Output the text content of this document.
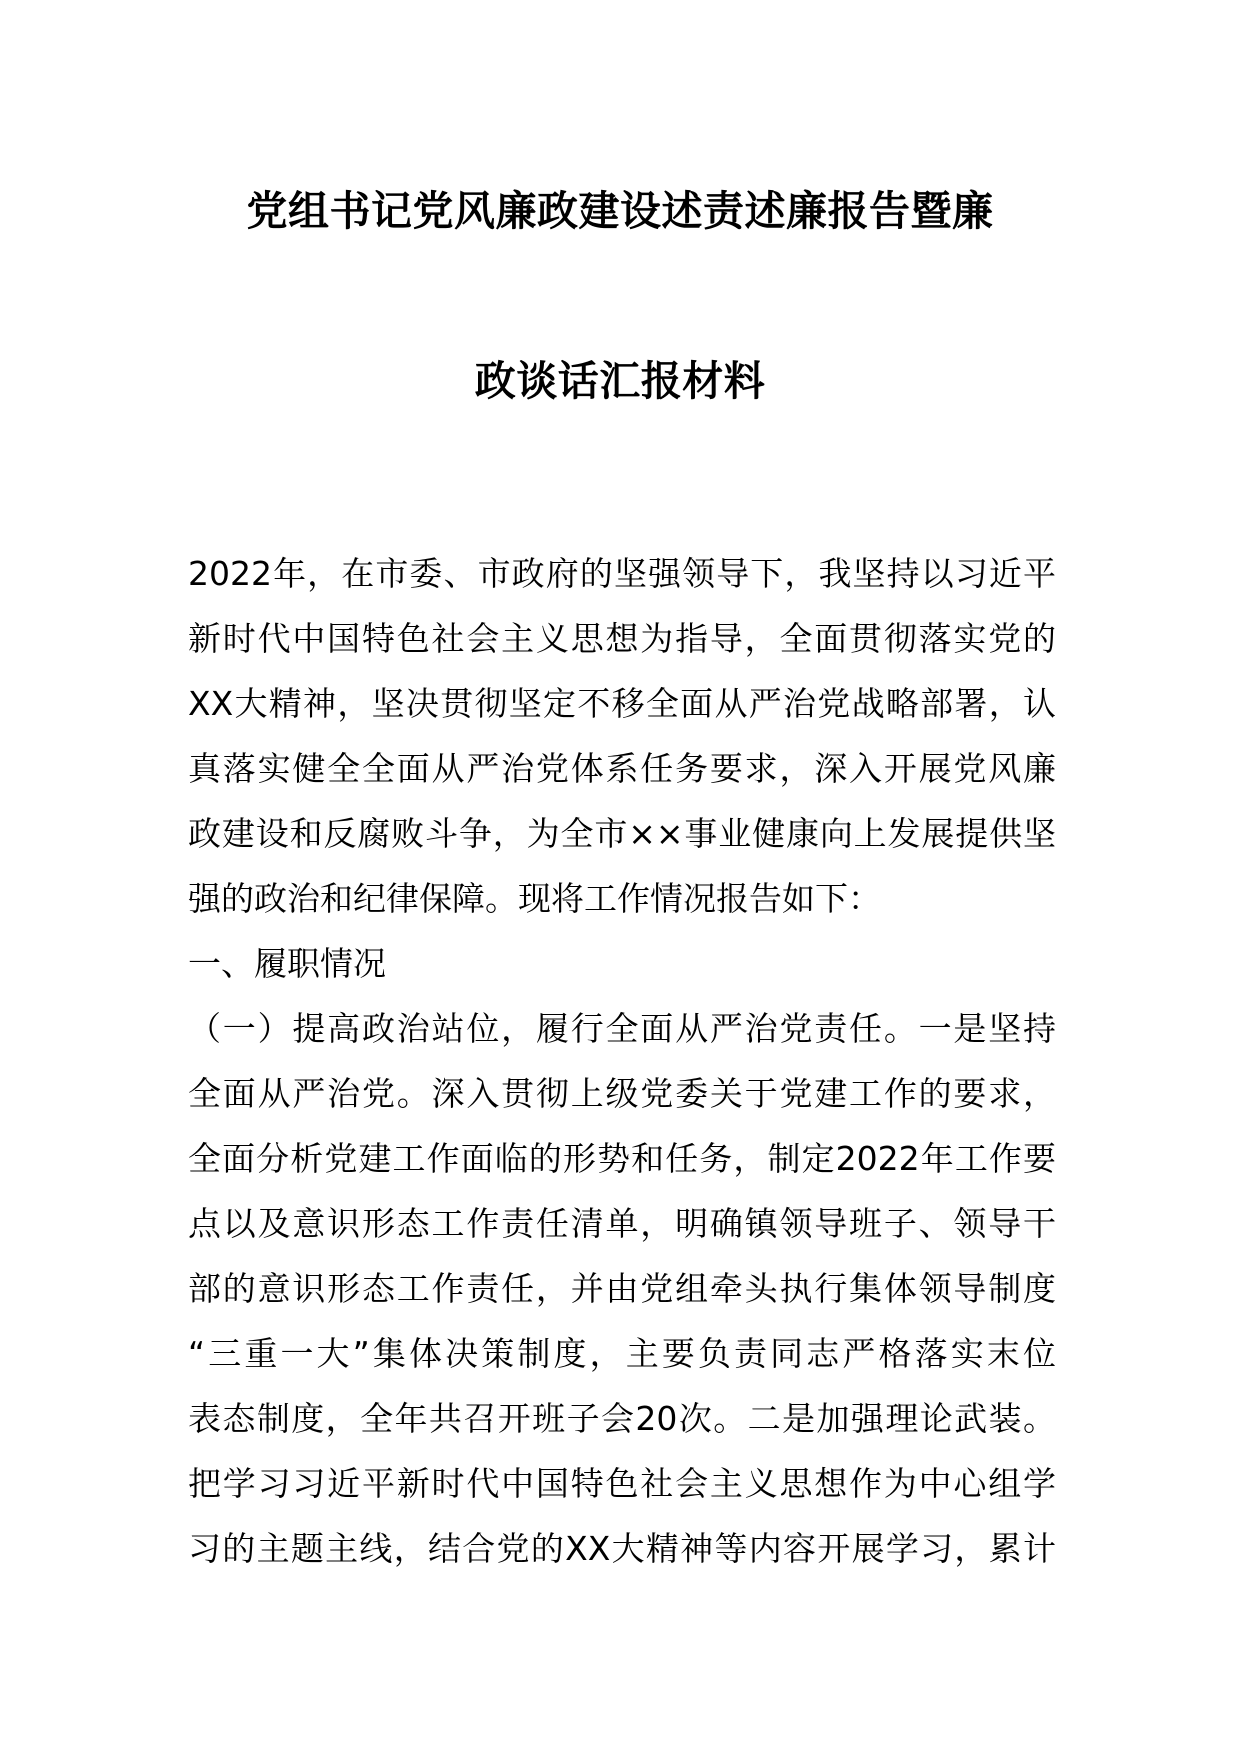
党组书记党风廉政建设述责述廉报告暨廉
政谈话汇报材料
2022年，在市委、市政府的坚强领导下，我坚持以习近平
新时代中国特色社会主义思想为指导，全面贯彻落实党的
XX大精神，坚决贯彻坚定不移全面从严治党战略部署，认
真落实健全全面从严治党体系任务要求，深入开展党风廉
政建设和反腐败斗争，为全市××事业健康向上发展提供坚
强的政治和纪律保障。现将工作情况报告如下：
一、履职情况
（一）提高政治站位，履行全面从严治党责任。一是坚持
全面从严治党。深入贯彻上级党委关于党建工作的要求，
全面分析党建工作面临的形势和任务，制定2022年工作要
点以及意识形态工作责任清单，明确镇领导班子、领导干
部的意识形态工作责任，并由党组牵头执行集体领导制度
“三重一大”集体决策制度，主要负责同志严格落实末位
表态制度，全年共召开班子会20次。二是加强理论武装。
把学习习近平新时代中国特色社会主义思想作为中心组学
习的主题主线，结合党的XX大精神等内容开展学习，累计
